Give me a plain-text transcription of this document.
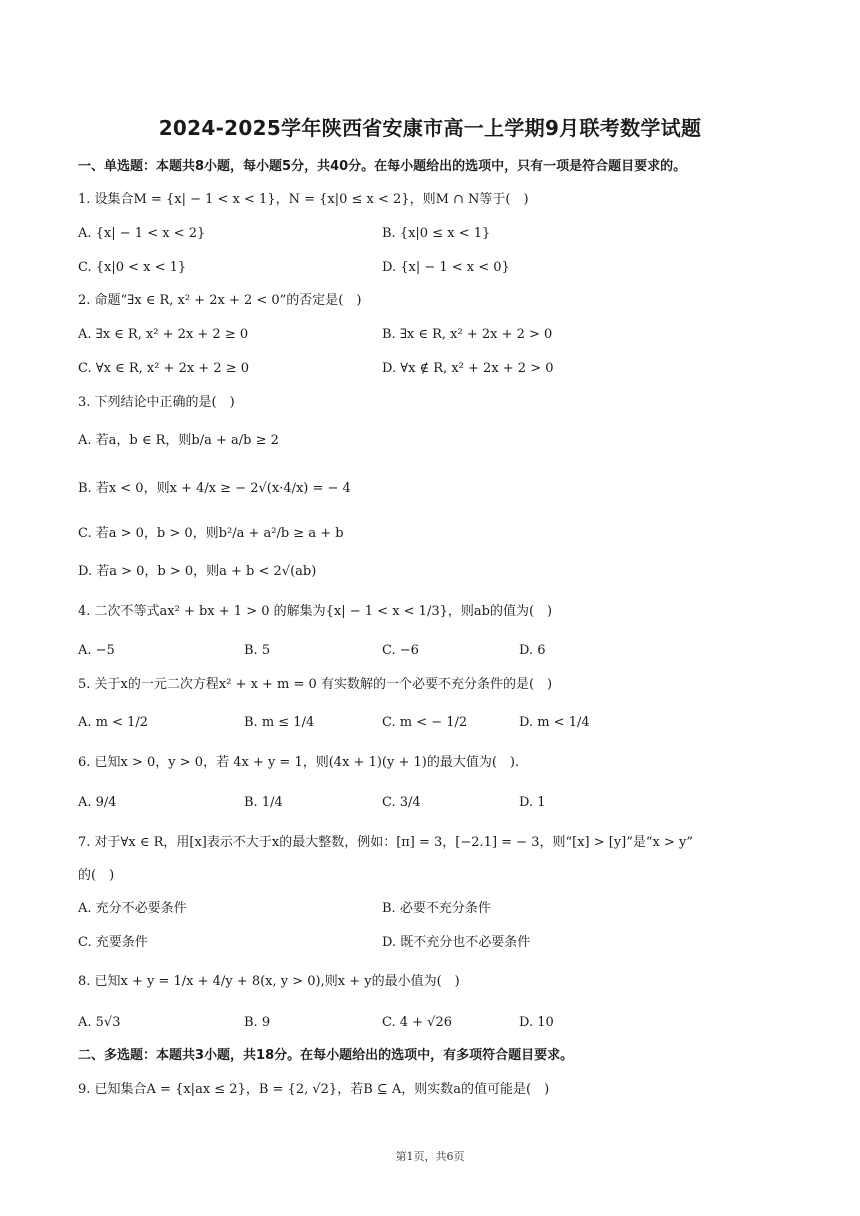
2024-2025学年陕西省安康市高一上学期9月联考数学试题
一、单选题：本题共8小题，每小题5分，共40分。在每小题给出的选项中，只有一项是符合题目要求的。
1. 设集合M = {x| − 1 < x < 1}，N = {x|0 ≤ x < 2}，则M ∩ N等于(　)
A. {x| − 1 < x < 2}	B. {x|0 ≤ x < 1}
C. {x|0 < x < 1}	D. {x| − 1 < x < 0}
2. 命题“∃x ∈ R, x² + 2x + 2 < 0”的否定是(　)
A. ∃x ∈ R, x² + 2x + 2 ≥ 0	B. ∃x ∈ R, x² + 2x + 2 > 0
C. ∀x ∈ R, x² + 2x + 2 ≥ 0	D. ∀x ∉ R, x² + 2x + 2 > 0
3. 下列结论中正确的是(　)
A. 若a，b ∈ R，则b/a + a/b ≥ 2
B. 若x < 0，则x + 4/x ≥ − 2√(x·4/x) = − 4
C. 若a > 0，b > 0，则b²/a + a²/b ≥ a + b
D. 若a > 0，b > 0，则a + b < 2√(ab)
4. 二次不等式ax² + bx + 1 > 0 的解集为{x| − 1 < x < 1/3}，则ab的值为(　)
A. −5	B. 5	C. −6	D. 6
5. 关于x的一元二次方程x² + x + m = 0 有实数解的一个必要不充分条件的是(　)
A. m < 1/2	B. m ≤ 1/4	C. m < − 1/2	D. m < 1/4
6. 已知x > 0，y > 0，若 4x + y = 1，则(4x + 1)(y + 1)的最大值为(　).
A. 9/4	B. 1/4	C. 3/4	D. 1
7. 对于∀x ∈ R，用[x]表示不大于x的最大整数，例如：[π] = 3，[−2.1] = − 3，则“[x] > [y]”是“x > y”
的(　)
A. 充分不必要条件	B. 必要不充分条件
C. 充要条件	D. 既不充分也不必要条件
8. 已知x + y = 1/x + 4/y + 8(x, y > 0),则x + y的最小值为(　)
A. 5√3	B. 9	C. 4 + √26	D. 10
二、多选题：本题共3小题，共18分。在每小题给出的选项中，有多项符合题目要求。
9. 已知集合A = {x|ax ≤ 2}，B = {2, √2}，若B ⊆ A，则实数a的值可能是(　)
第1页，共6页
